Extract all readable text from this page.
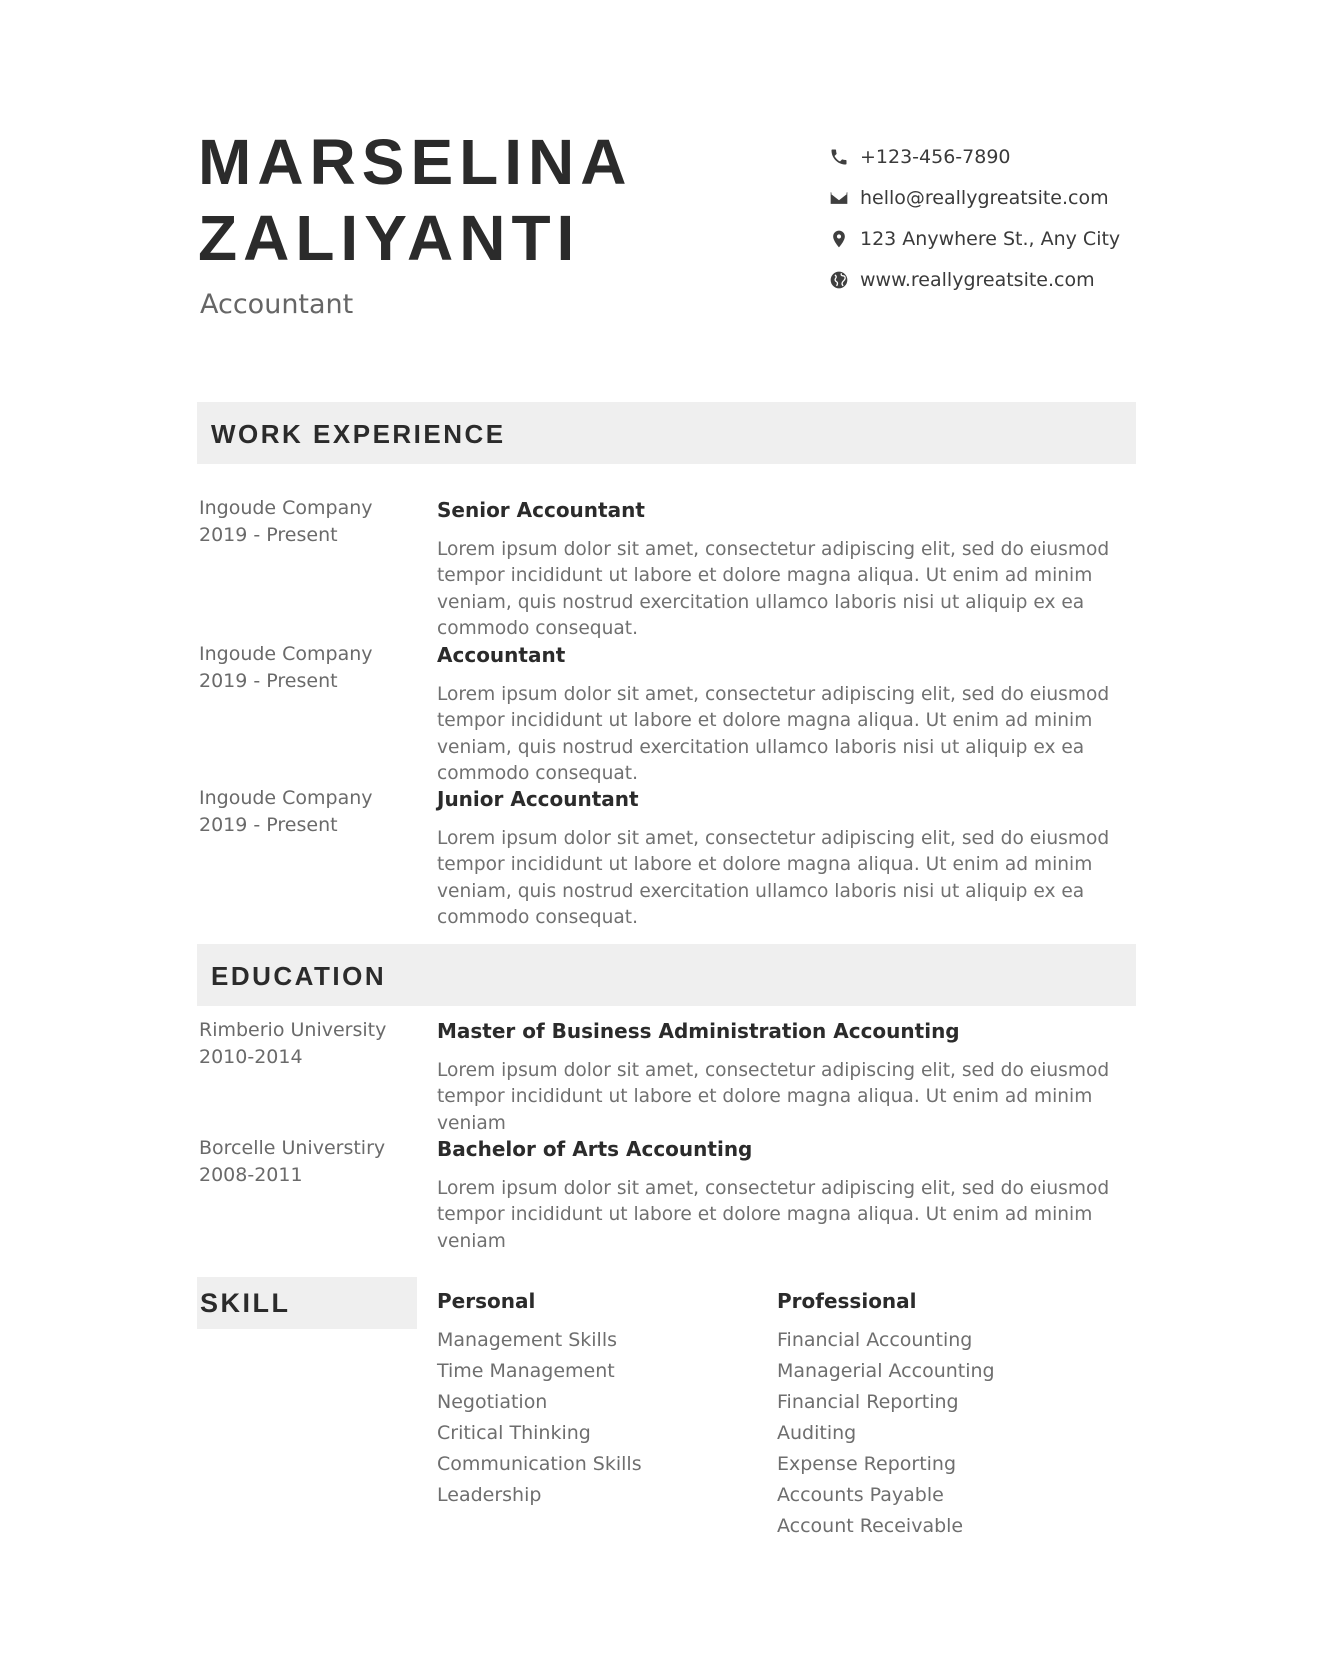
MARSELINA
ZALIYANTI
Accountant
+123-456-7890
hello@reallygreatsite.com
123 Anywhere St., Any City
www.reallygreatsite.com
WORK EXPERIENCE
Ingoude Company
2019 - Present
Senior Accountant
Lorem ipsum dolor sit amet, consectetur adipiscing elit, sed do eiusmod tempor incididunt ut labore et dolore magna aliqua. Ut enim ad minim veniam, quis nostrud exercitation ullamco laboris nisi ut aliquip ex ea commodo consequat.
Ingoude Company
2019 - Present
Accountant
Lorem ipsum dolor sit amet, consectetur adipiscing elit, sed do eiusmod tempor incididunt ut labore et dolore magna aliqua. Ut enim ad minim veniam, quis nostrud exercitation ullamco laboris nisi ut aliquip ex ea commodo consequat.
Ingoude Company
2019 - Present
Junior Accountant
Lorem ipsum dolor sit amet, consectetur adipiscing elit, sed do eiusmod tempor incididunt ut labore et dolore magna aliqua. Ut enim ad minim veniam, quis nostrud exercitation ullamco laboris nisi ut aliquip ex ea commodo consequat.
EDUCATION
Rimberio University
2010-2014
Master of Business Administration Accounting
Lorem ipsum dolor sit amet, consectetur adipiscing elit, sed do eiusmod tempor incididunt ut labore et dolore magna aliqua. Ut enim ad minim veniam
Borcelle Universtiry
2008-2011
Bachelor of Arts Accounting
Lorem ipsum dolor sit amet, consectetur adipiscing elit, sed do eiusmod tempor incididunt ut labore et dolore magna aliqua. Ut enim ad minim veniam
SKILL	Personal
Management Skills
Time Management
Negotiation
Critical Thinking
Communication Skills
Leadership
Professional
Financial Accounting
Managerial Accounting
Financial Reporting
Auditing
Expense Reporting
Accounts Payable
Account Receivable
